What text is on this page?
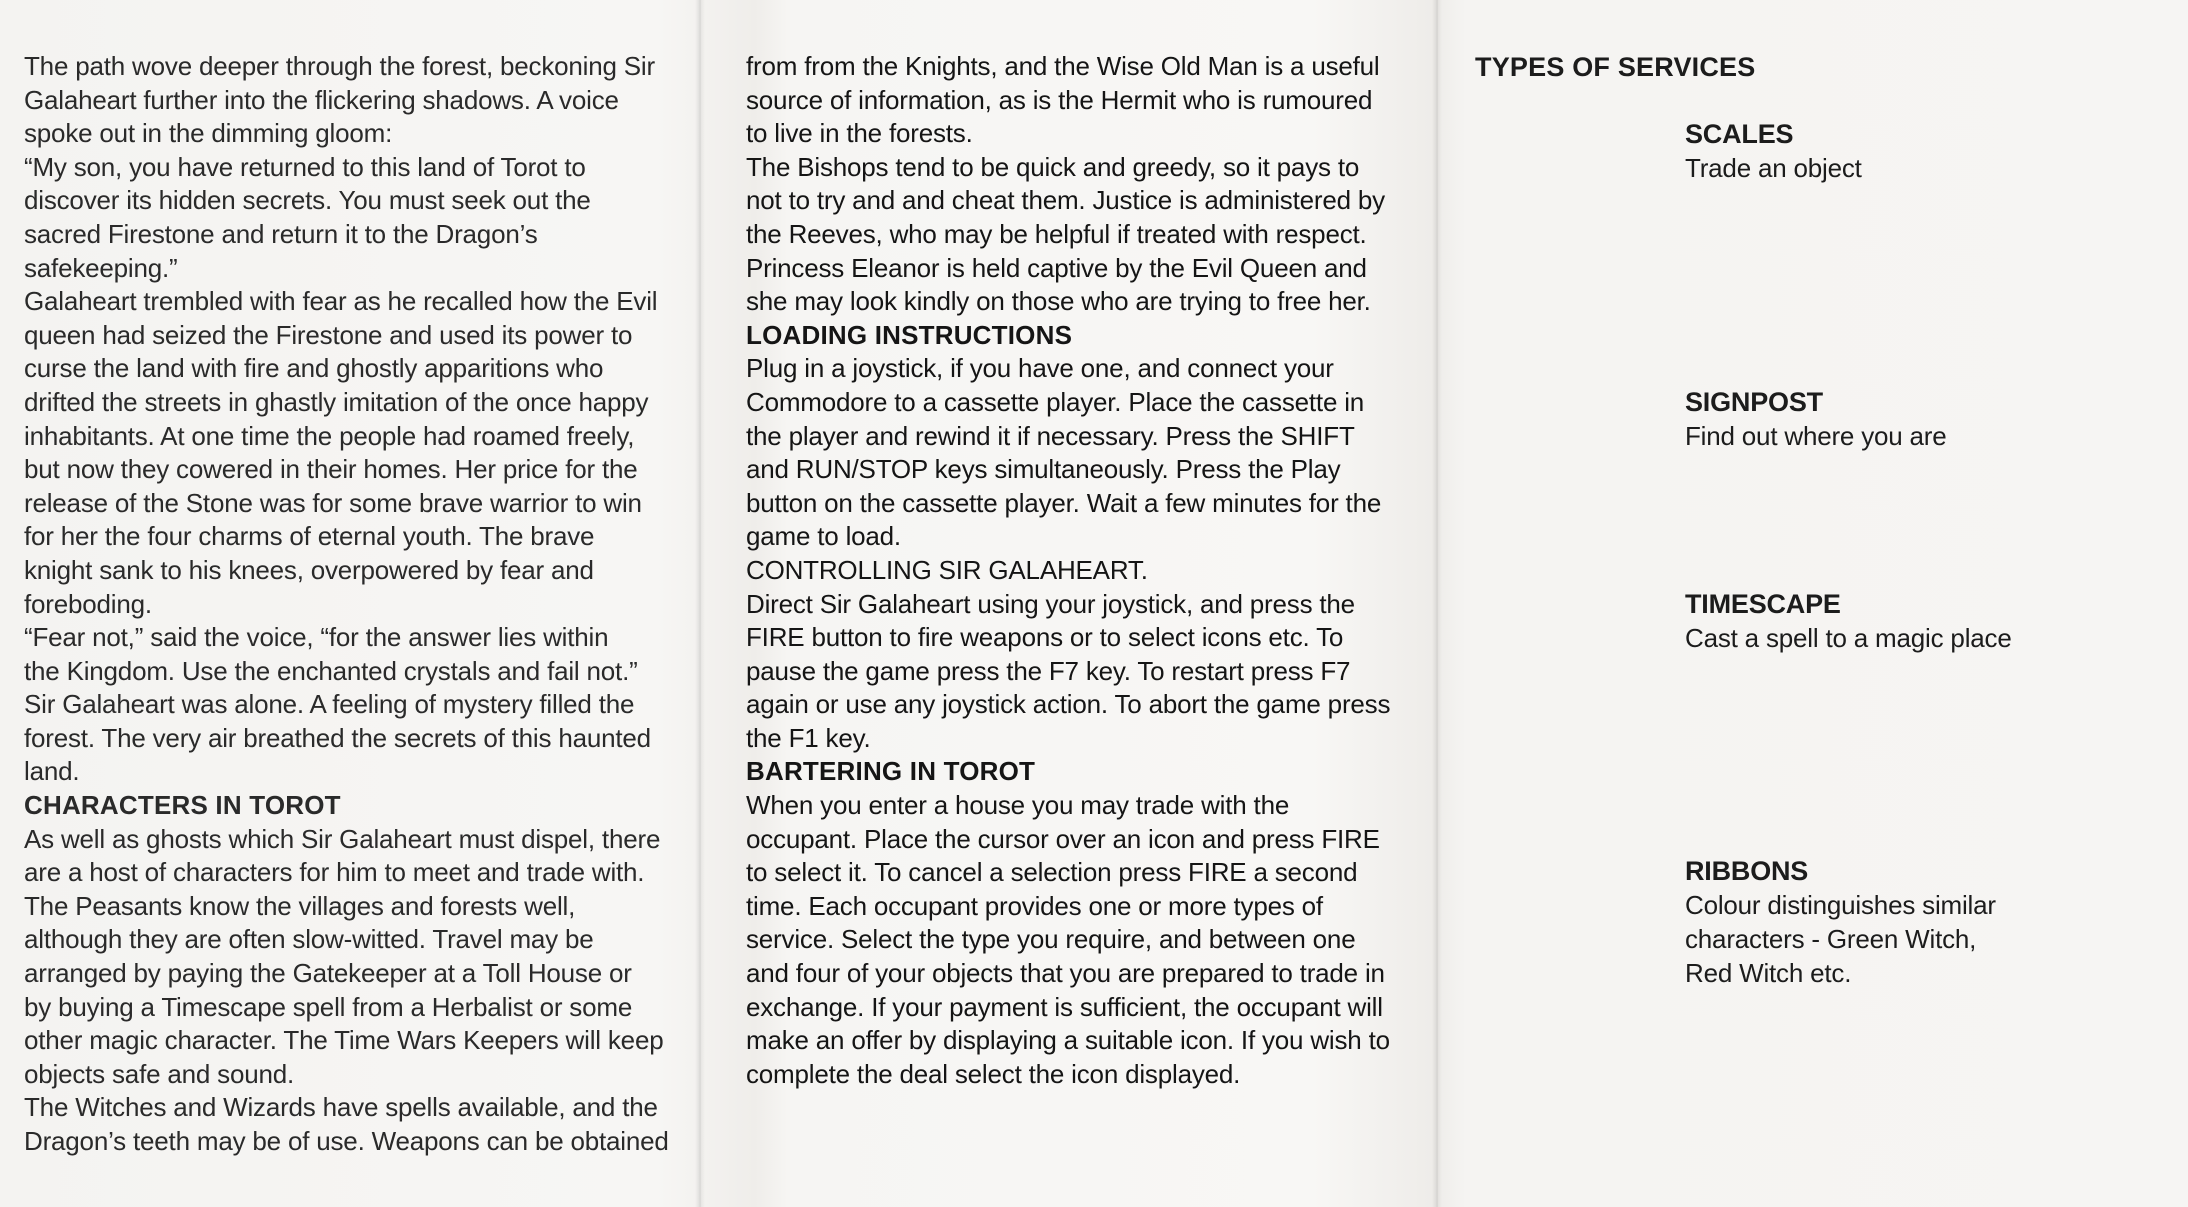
The path wove deeper through the forest, beckoning Sir
Galaheart further into the flickering shadows. A voice
spoke out in the dimming gloom:

“My son, you have returned to this land of Torot to
discover its hidden secrets. You must seek out the
sacred Firestone and return it to the Dragon’s
safekeeping.”

Galaheart trembled with fear as he recalled how the Evil
queen had seized the Firestone and used its power to
curse the land with fire and ghostly apparitions who
drifted the streets in ghastly imitation of the once happy
inhabitants. At one time the people had roamed freely,
but now they cowered in their homes. Her price for the
release of the Stone was for some brave warrior to win
for her the four charms of eternal youth. The brave
knight sank to his knees, overpowered by fear and
foreboding.

“Fear not,” said the voice, “for the answer lies within
the Kingdom. Use the enchanted crystals and fail not.”

Sir Galaheart was alone. A feeling of mystery filled the
forest. The very air breathed the secrets of this haunted
land.

CHARACTERS IN TOROT

As well as ghosts which Sir Galaheart must dispel, there
are a host of characters for him to meet and trade with.
The Peasants know the villages and forests well,
although they are often slow-witted. Travel may be
arranged by paying the Gatekeeper at a Toll House or
by buying a Timescape spell from a Herbalist or some
other magic character. The Time Wars Keepers will keep
objects safe and sound.

The Witches and Wizards have spells available, and the
Dragon’s teeth may be of use. Weapons can be obtained

from from the Knights, and the Wise Old Man is a useful
source of information, as is the Hermit who is rumoured
to live in the forests.

The Bishops tend to be quick and greedy, so it pays to
not to try and and cheat them. Justice is administered by
the Reeves, who may be helpful if treated with respect.
Princess Eleanor is held captive by the Evil Queen and
she may look kindly on those who are trying to free her.

LOADING INSTRUCTIONS

Plug in a joystick, if you have one, and connect your
Commodore to a cassette player. Place the cassette in
the player and rewind it if necessary. Press the SHIFT
and RUN/STOP keys simultaneously. Press the Play
button on the cassette player. Wait a few minutes for the
game to load.

CONTROLLING SIR GALAHEART.

Direct Sir Galaheart using your joystick, and press the
FIRE button to fire weapons or to select icons etc. To
pause the game press the F7 key. To restart press F7
again or use any joystick action. To abort the game press
the F1 key.

BARTERING IN TOROT

When you enter a house you may trade with the
occupant. Place the cursor over an icon and press FIRE
to select it. To cancel a selection press FIRE a second
time. Each occupant provides one or more types of
service. Select the type you require, and between one
and four of your objects that you are prepared to trade in
exchange. If your payment is sufficient, the occupant will
make an offer by displaying a suitable icon. If you wish to
complete the deal select the icon displayed.

TYPES OF SERVICES
SCALES
Trade an object
SIGNPOST
Find out where you are
TIMESCAPE
Cast a spell to a magic place
RIBBONS
Colour distinguishes similar
characters - Green Witch,
Red Witch etc.
